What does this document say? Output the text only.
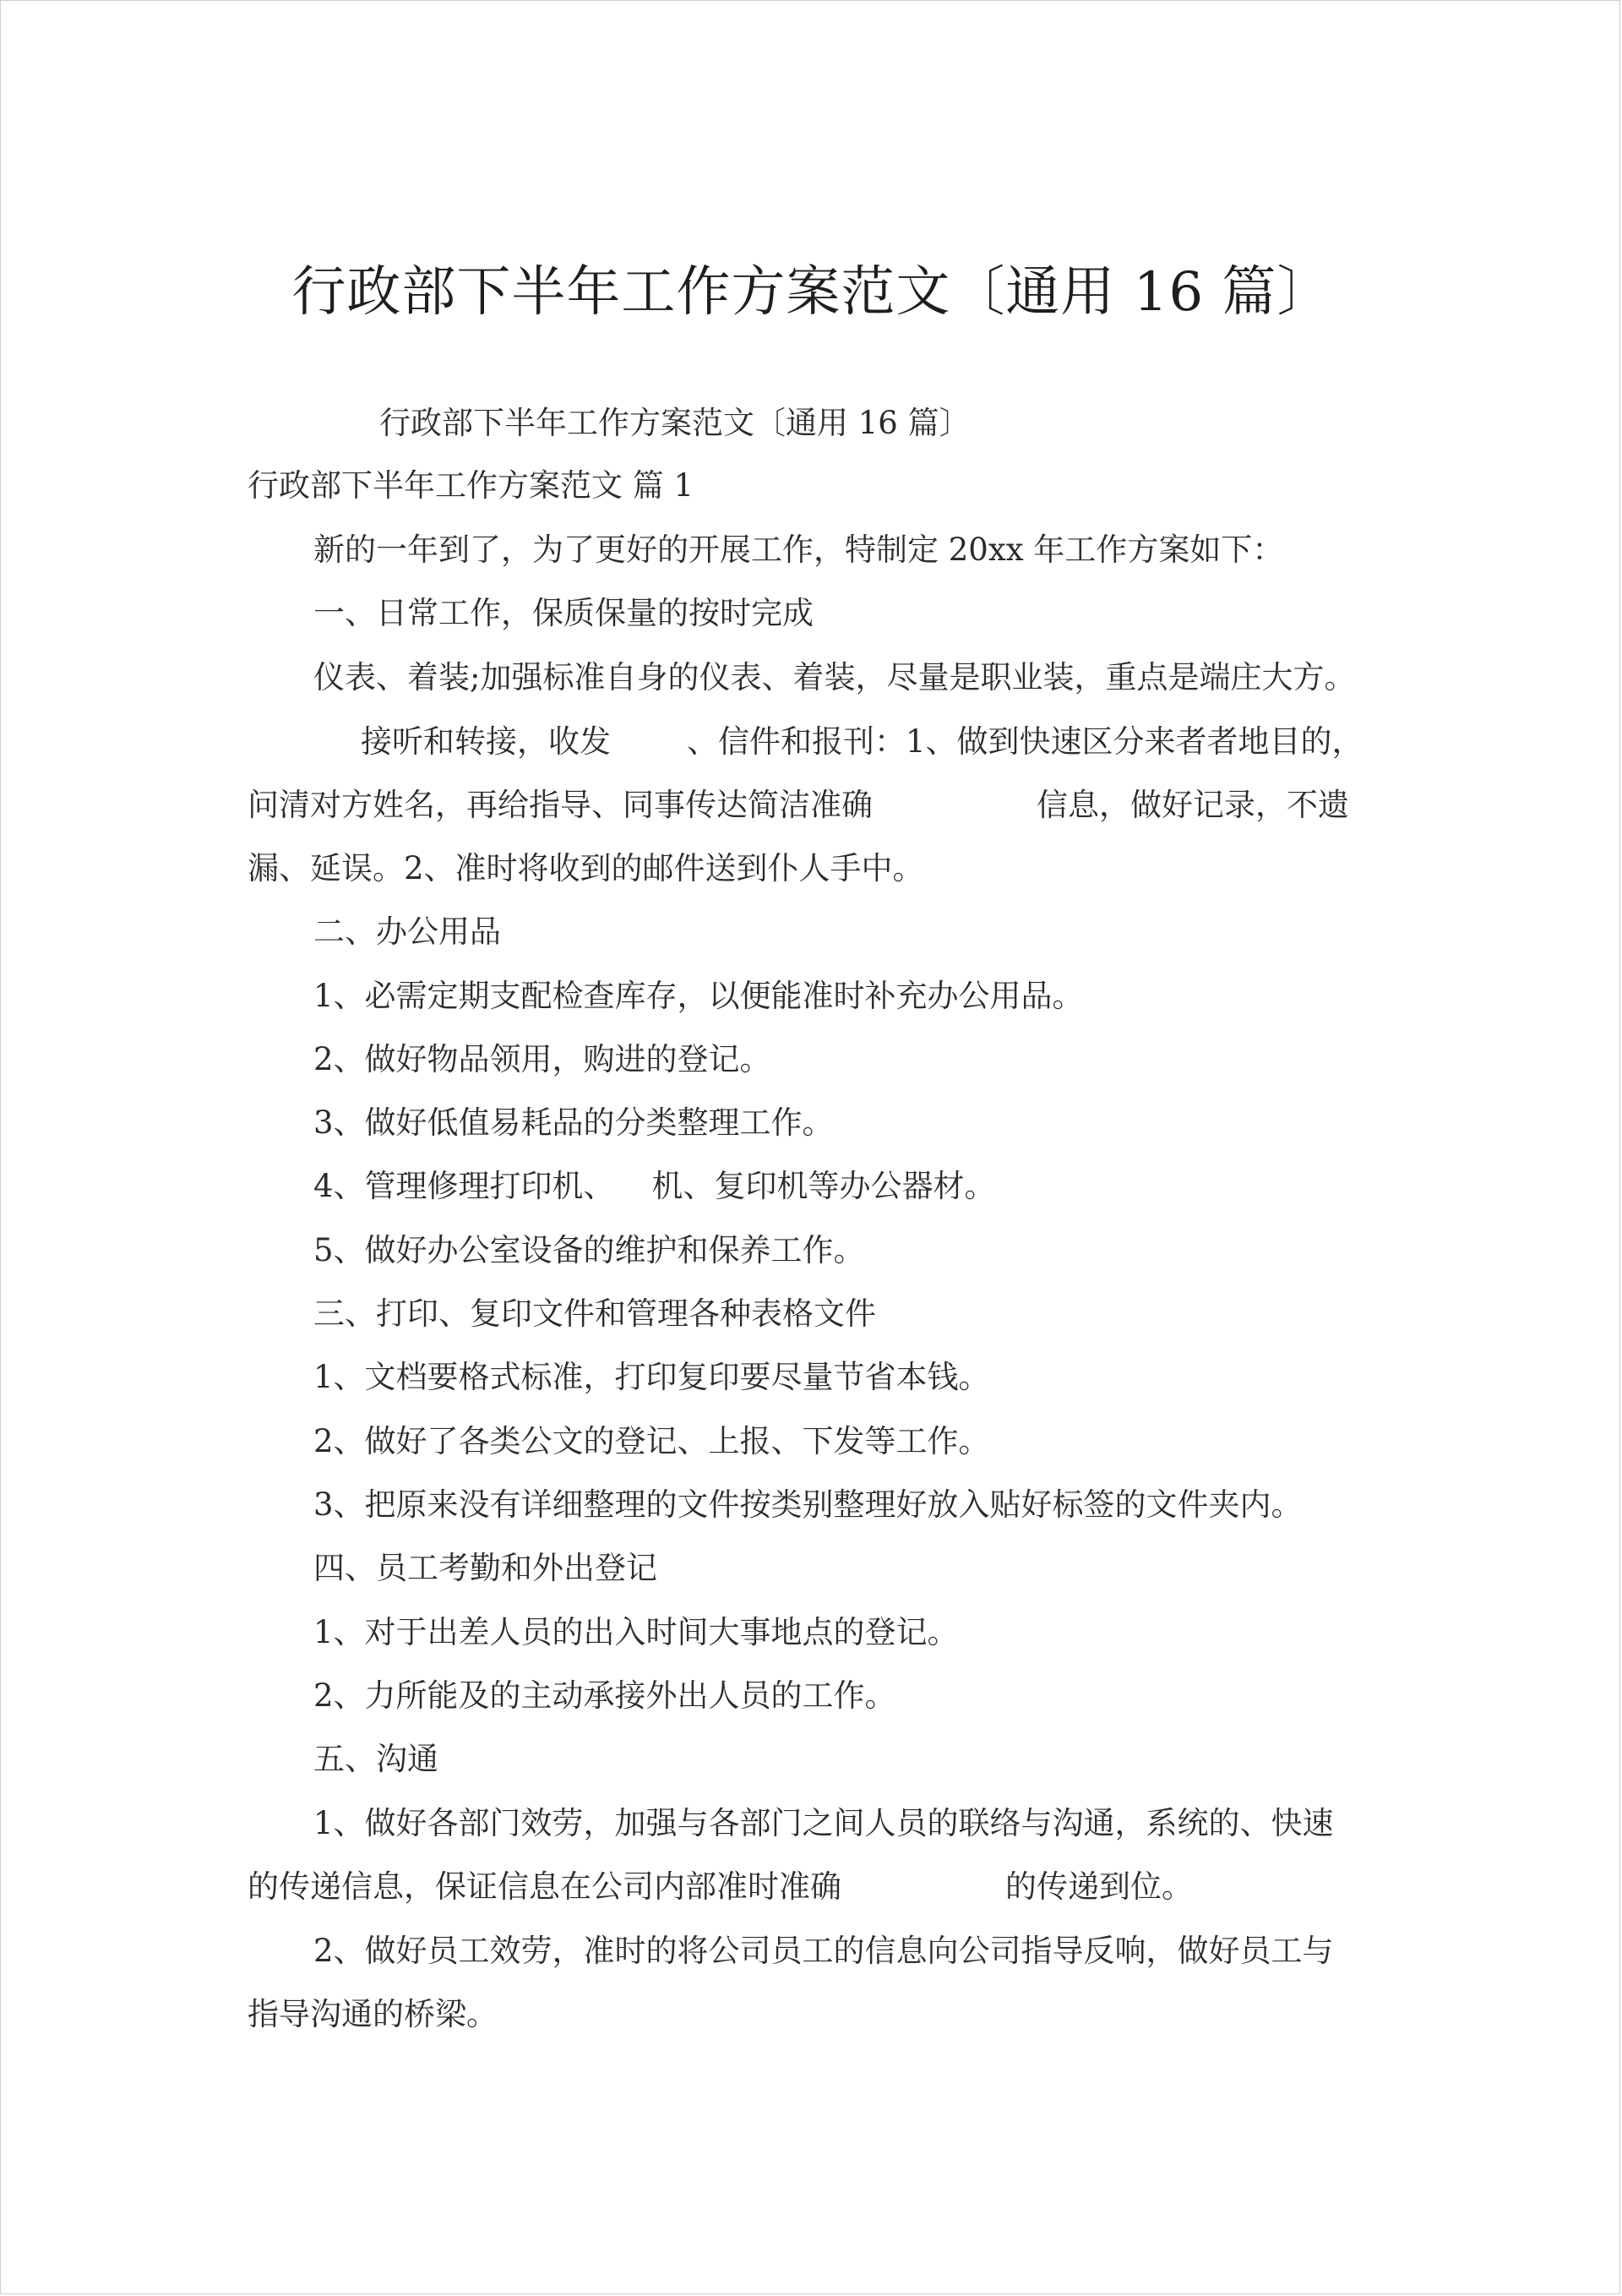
行政部下半年工作方案范文〔通用 16 篇〕
行政部下半年工作方案范文〔通用 16 篇〕
行政部下半年工作方案范文 篇 1
新的一年到了，为了更好的开展工作，特制定 20xx 年工作方案如下：
一、日常工作，保质保量的按时完成
仪表、着装;加强标准自身的仪表、着装，尽量是职业装，重点是端庄大方。
接听和转接，收发 、信件和报刊：1、做到快速区分来者者地目的，
问清对方姓名，再给指导、同事传达简洁准确	信息，做好记录，不遗
漏、延误。2、准时将收到的邮件送到仆人手中。
二、办公用品
1、必需定期支配检查库存，以便能准时补充办公用品。
2、做好物品领用，购进的登记。
3、做好低值易耗品的分类整理工作。
4、管理修理打印机、 机、复印机等办公器材。
5、做好办公室设备的维护和保养工作。
三、打印、复印文件和管理各种表格文件
1、文档要格式标准，打印复印要尽量节省本钱。
2、做好了各类公文的登记、上报、下发等工作。
3、把原来没有详细整理的文件按类别整理好放入贴好标签的文件夹内。
四、员工考勤和外出登记
1、对于出差人员的出入时间大事地点的登记。
2、力所能及的主动承接外出人员的工作。
五、沟通
1、做好各部门效劳，加强与各部门之间人员的联络与沟通，系统的、快速
的传递信息，保证信息在公司内部准时准确	的传递到位。
2、做好员工效劳，准时的将公司员工的信息向公司指导反响，做好员工与
指导沟通的桥梁。
